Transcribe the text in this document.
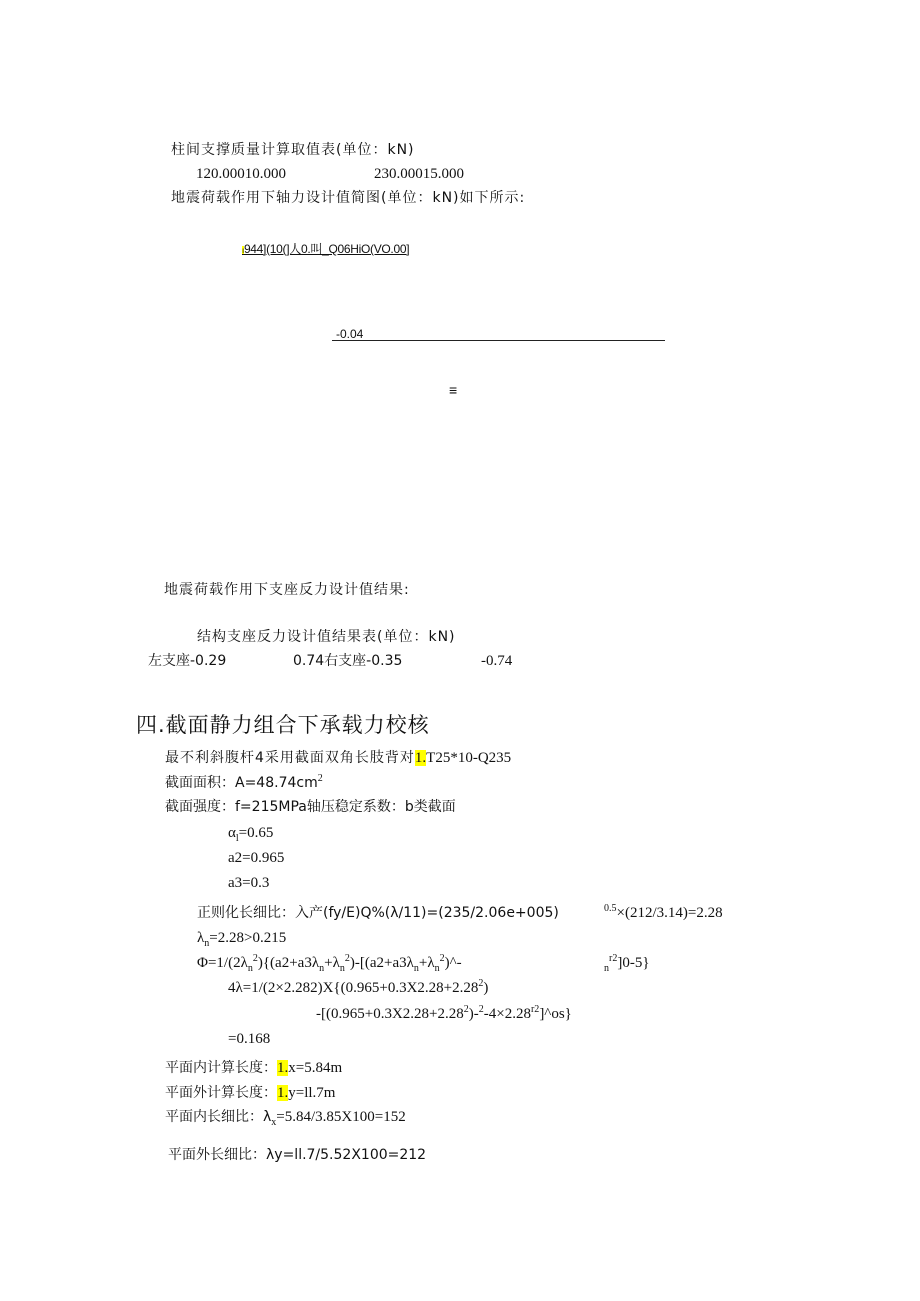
柱间支撑质量计算取值表(单位：kN)
120.00010.000	230.00015.000
地震荷载作用下轴力设计值简图(单位：kN)如下所示:
ı944](10(]人0.叫_Q06HiO(VO.00]
-0.04
≡
地震荷载作用下支座反力设计值结果:
结构支座反力设计值结果表(单位：kN)
左支座-0.29	0.74右支座-0.35	-0.74
四.截面静力组合下承载力校核
最不利斜腹杆4采用截面双角长肢背对1.T25*10-Q235
截面面积：$A=48.74cm^2$
截面强度：f=215MPa轴压稳定系数：b类截面
$\alpha_l=0.65$
a2=0.965
a3=0.3
正则化长细比：入产(fy/E)Q%(λ/11)=(235/2.06e+005)	$^{0.5}$×(212/3.14)=2.28
$\lambda_n=2.28>0.215$
$\Phi=1/(2\lambda_n^2)\{(a2+a3\lambda_n+\lambda_n^2)-[(a2+a3\lambda_n+\lambda_n^2)\^{}-$	$_n^{r2}$]0-5}
$4\lambda=1/(2\times 2.282)X\{(0.965+0.3X2.28+2.28^2)$
$-[(0.965+0.3X2.28+2.28^2)-^2-4\times 2.28^{r2}]\^{}os$}
=0.168
平面内计算长度：1.x=5.84m
平面外计算长度：1.y=ll.7m
平面内长细比：$\lambda_x=5.84/3.85X100=152$
平面外长细比：λy=ll.7/5.52X100=212
